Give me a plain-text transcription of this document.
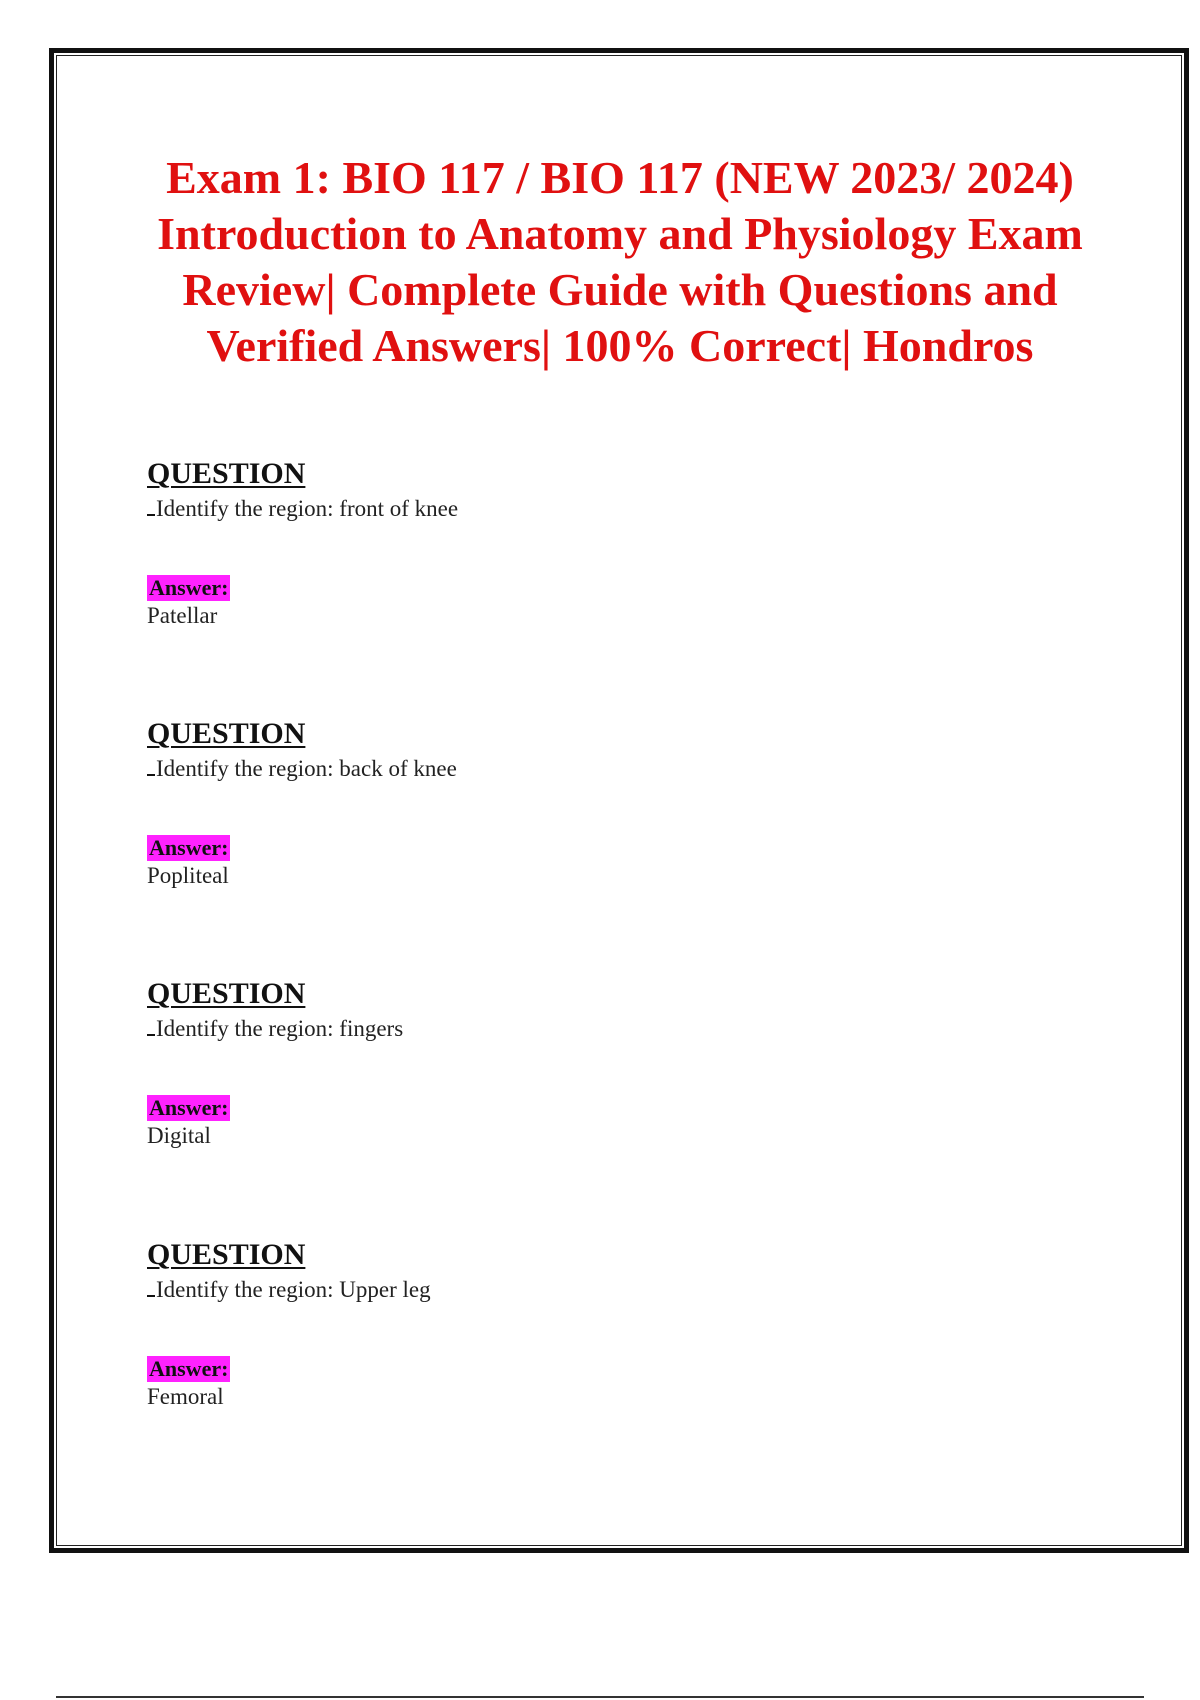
Exam 1: BIO 117 / BIO 117 (NEW 2023/ 2024) Introduction to Anatomy and Physiology Exam Review| Complete Guide with Questions and Verified Answers| 100% Correct| Hondros
QUESTION
Identify the region: front of knee
Answer:
Patellar
QUESTION
Identify the region: back of knee
Answer:
Popliteal
QUESTION
Identify the region: fingers
Answer:
Digital
QUESTION
Identify the region: Upper leg
Answer:
Femoral
